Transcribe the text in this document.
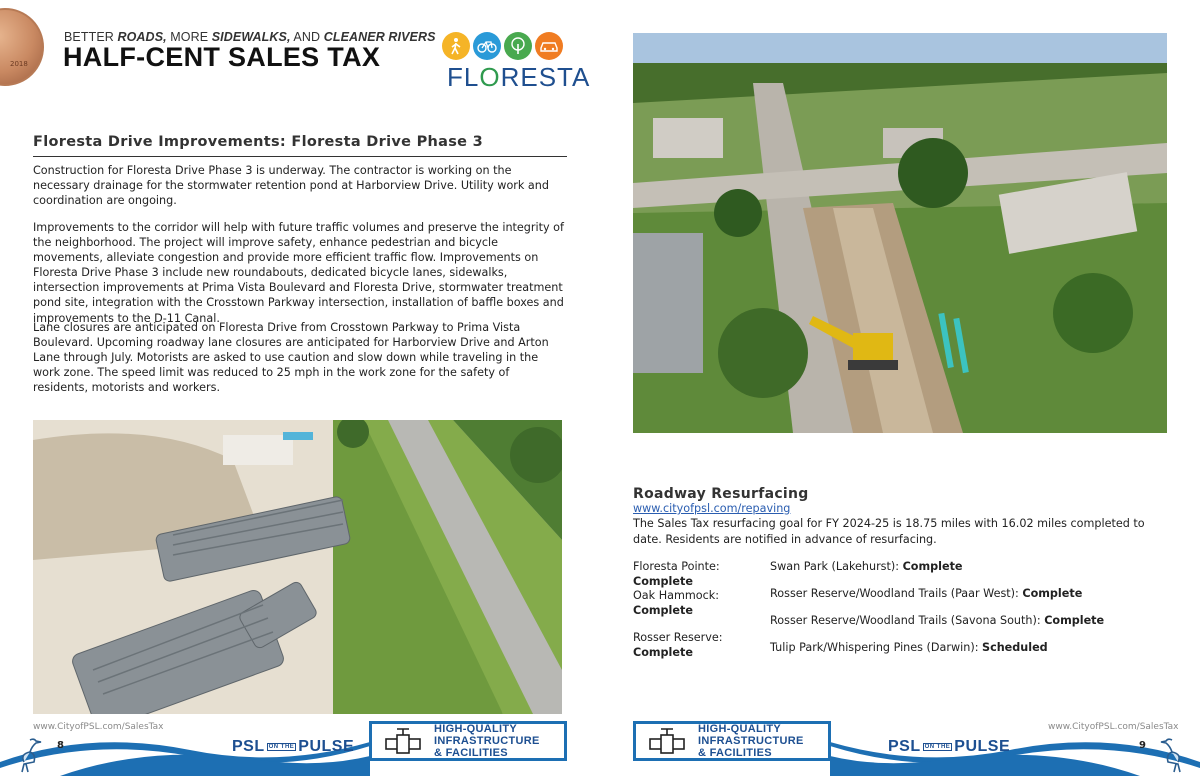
2018
BETTER ROADS, MORE SIDEWALKS, AND CLEANER RIVERS
HALF-CENT SALES TAX
FLORESTA
Floresta Drive Improvements: Floresta Drive Phase 3

Construction for Floresta Drive Phase 3 is underway. The contractor is working on the necessary drainage for the stormwater retention pond at Harborview Drive. Utility work and coordination are ongoing.

Improvements to the corridor will help with future traffic volumes and preserve the integrity of the neighborhood. The project will improve safety, enhance pedestrian and bicycle movements, alleviate congestion and provide more efficient traffic flow. Improvements on Floresta Drive Phase 3 include new roundabouts, dedicated bicycle lanes, sidewalks, intersection improvements at Prima Vista Boulevard and Floresta Drive, stormwater treatment pond site, integration with the Crosstown Parkway intersection, installation of baffle boxes and improvements to the D-11 Canal.

Lane closures are anticipated on Floresta Drive from Crosstown Parkway to Prima Vista Boulevard. Upcoming roadway lane closures are anticipated for Harborview Drive and Arton Lane through July. Motorists are asked to use caution and slow down while traveling in the work zone. The speed limit was reduced to 25 mph in the work zone for the safety of residents, motorists and workers.

Roadway Resurfacing
www.cityofpsl.com/repaving

The Sales Tax resurfacing goal for FY 2024-25 is 18.75 miles with 16.02 miles completed to date. Residents are notified in advance of resurfacing.

Floresta Pointe:
Complete
Oak Hammock:
Complete
Rosser Reserve:
Complete
Swan Park (Lakehurst): Complete
Rosser Reserve/Woodland Trails (Paar West): Complete
Rosser Reserve/Woodland Trails (Savona South): Complete
Tulip Park/Whispering Pines (Darwin): Scheduled
www.CityofPSL.com/SalesTax	www.CityofPSL.com/SalesTax
8	9
PSL ON THE PULSE	PSL ON THE PULSE
HIGH-QUALITY
INFRASTRUCTURE
& FACILITIES
HIGH-QUALITY
INFRASTRUCTURE
& FACILITIES
